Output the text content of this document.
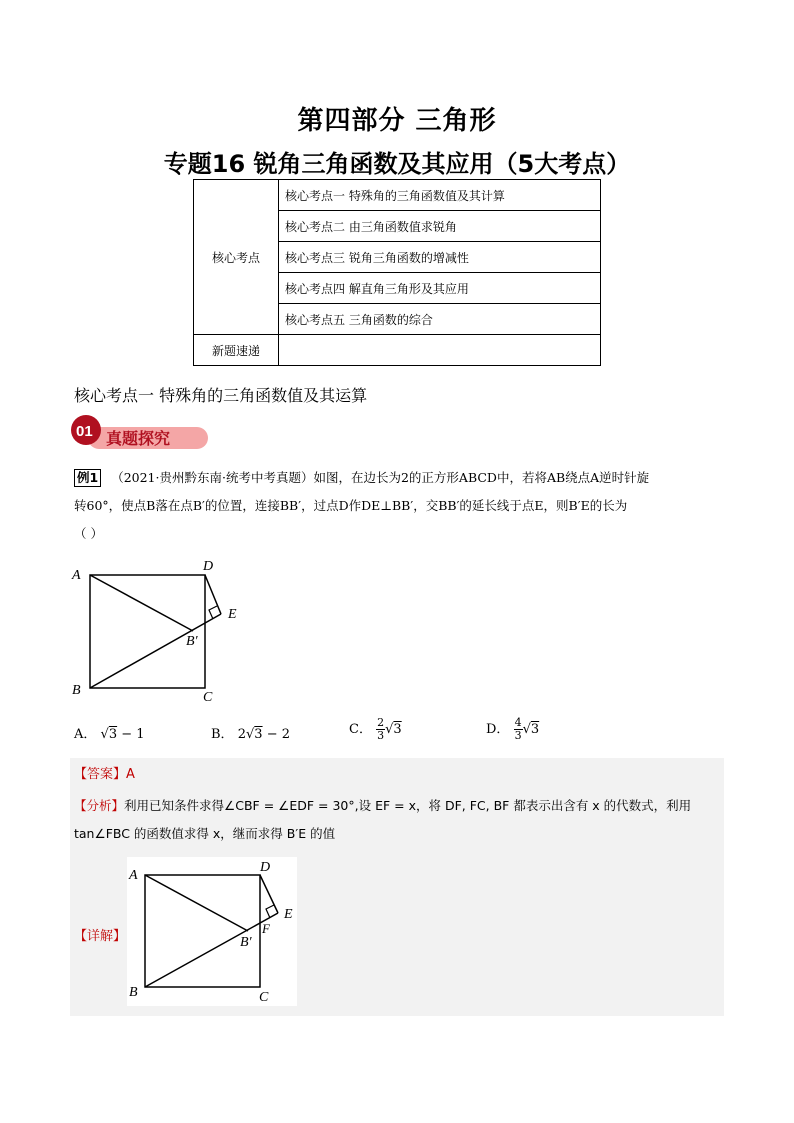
第四部分 三角形
专题16 锐角三角函数及其应用（5大考点）
核心考点	核心考点一 特殊角的三角函数值及其计算
	核心考点二 由三角函数值求锐角
	核心考点三 锐角三角函数的增减性
	核心考点四 解直角三角形及其应用
	核心考点五 三角函数的综合
新题速递	
核心考点一 特殊角的三角函数值及其运算
01 真题探究
例1 （2021·贵州黔东南·统考中考真题）如图，在边长为2的正方形ABCD中，若将AB绕点A逆时针旋
转60°，使点B落在点B′的位置，连接BB′，过点D作DE⊥BB′，交BB′的延长线于点E，则B′E的长为
（ ）
A
B	C
D
E
B′
A． √3 − 1	B． 2√3 − 2	C． $\frac{2}{3} √3$	D． $\frac{4}{3} √3$
【答案】A
【分析】利用已知条件求得∠CBF = ∠EDF = 30°,设 EF = x，将 DF, FC, BF 都表示出含有 x 的代数式，利用
tan∠FBC 的函数值求得 x，继而求得 B′E 的值
【详解】
A
B	C
D
E
F
B′
